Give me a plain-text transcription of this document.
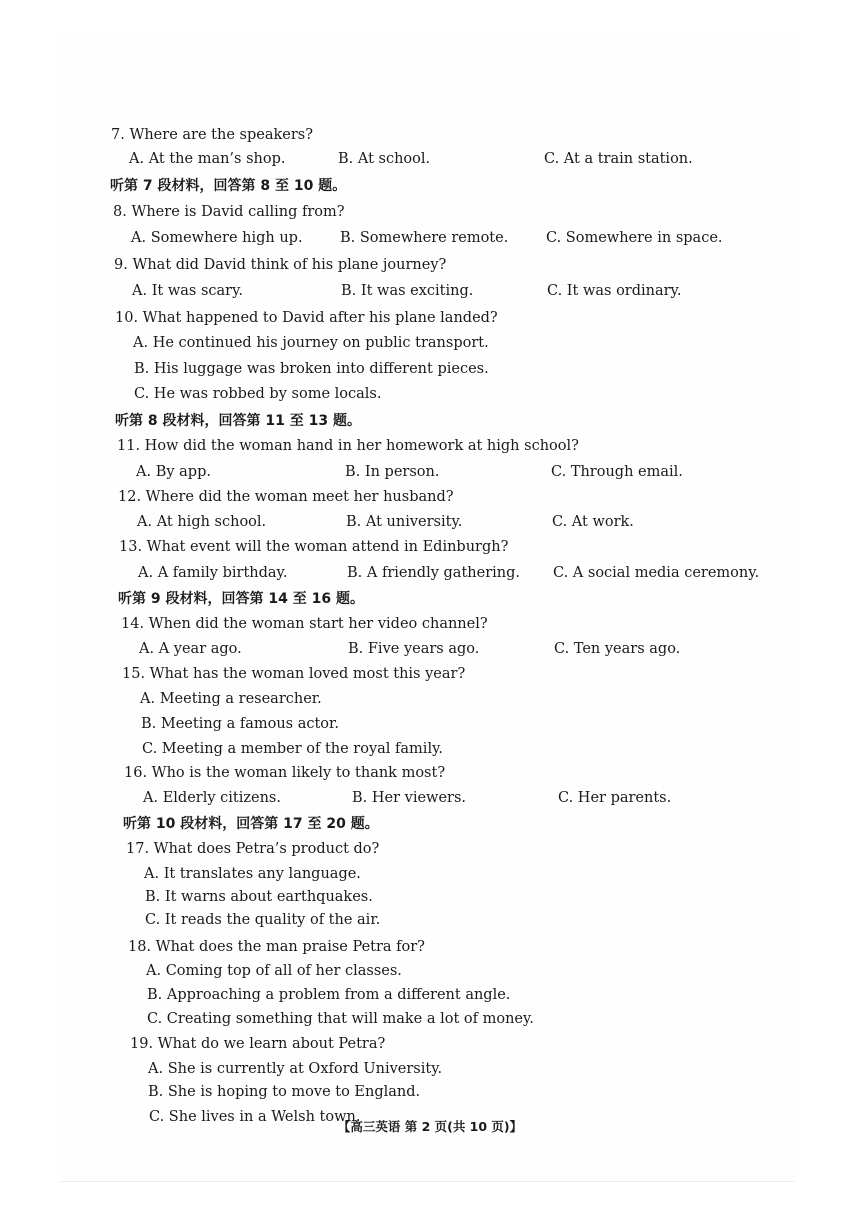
7. Where are the speakers?
A. At the man’s shop.	B. At school.	C. At a train station.
听第 7 段材料，回答第 8 至 10 题。
8. Where is David calling from?
A. Somewhere high up.	B. Somewhere remote.	C. Somewhere in space.
9. What did David think of his plane journey?
A. It was scary.	B. It was exciting.	C. It was ordinary.
10. What happened to David after his plane landed?
A. He continued his journey on public transport.
B. His luggage was broken into different pieces.
C. He was robbed by some locals.
听第 8 段材料，回答第 11 至 13 题。
11. How did the woman hand in her homework at high school?
A. By app.	B. In person.	C. Through email.
12. Where did the woman meet her husband?
A. At high school.	B. At university.	C. At work.
13. What event will the woman attend in Edinburgh?
A. A family birthday.	B. A friendly gathering. C. A social media ceremony.
听第 9 段材料，回答第 14 至 16 题。
14. When did the woman start her video channel?
A. A year ago.	B. Five years ago.	C. Ten years ago.
15. What has the woman loved most this year?
A. Meeting a researcher.
B. Meeting a famous actor.
C. Meeting a member of the royal family.
16. Who is the woman likely to thank most?
A. Elderly citizens.	B. Her viewers.	C. Her parents.
听第 10 段材料，回答第 17 至 20 题。
17. What does Petra’s product do?
A. It translates any language.
B. It warns about earthquakes.
C. It reads the quality of the air.
18. What does the man praise Petra for?
A. Coming top of all of her classes.
B. Approaching a problem from a different angle.
C. Creating something that will make a lot of money.
19. What do we learn about Petra?
A. She is currently at Oxford University.
B. She is hoping to move to England.
C. She lives in a Welsh town.
【高三英语 第 2 页(共 10 页)】
